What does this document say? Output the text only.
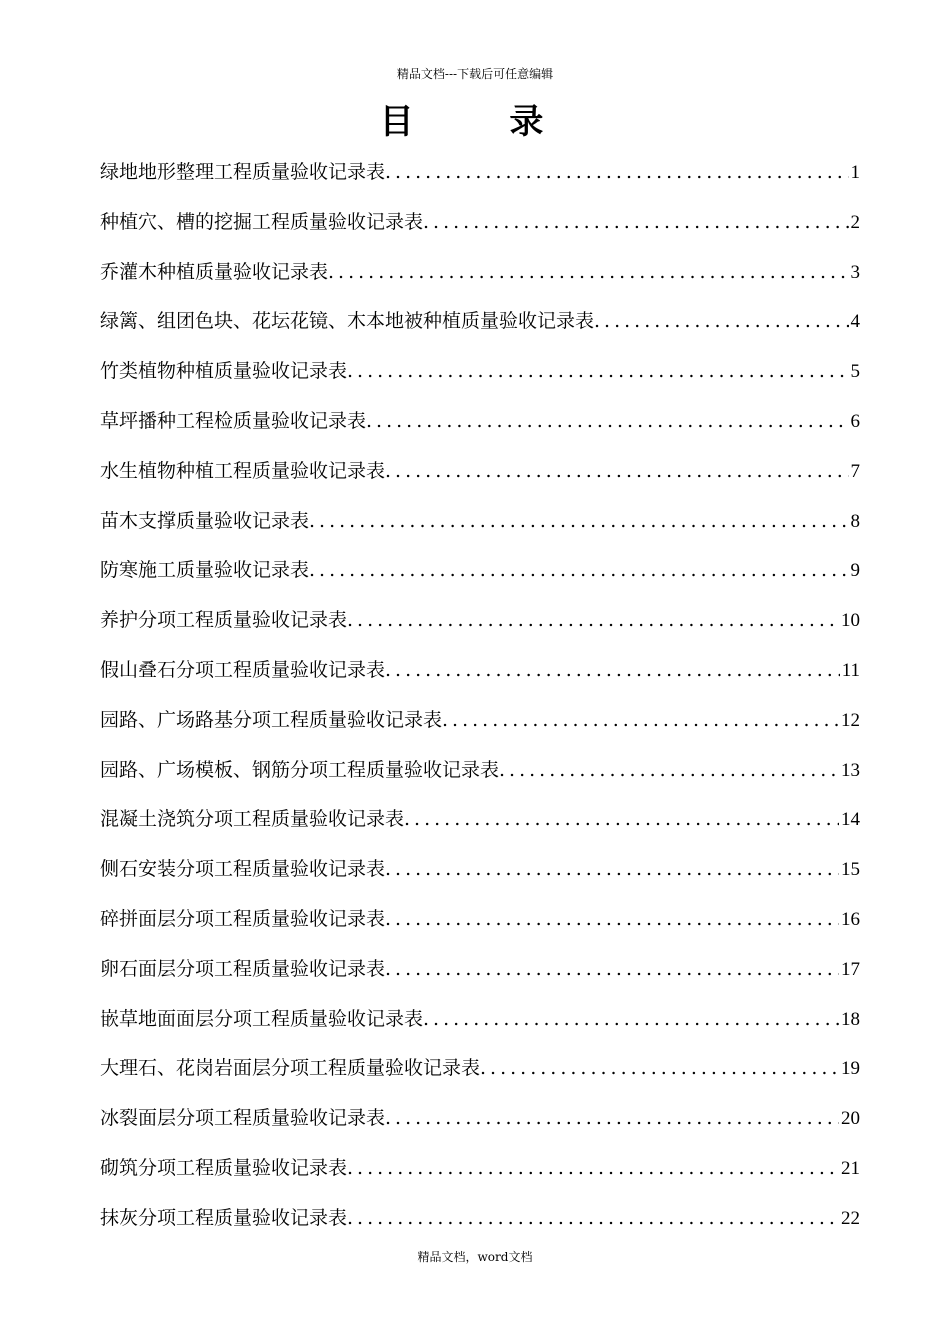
精品文档---下载后可任意编辑
目 录
绿地地形整理工程质量验收记录表 .....	1
种植穴、槽的挖掘工程质量验收记录表 .....	2
乔灌木种植质量验收记录表 .....	3
绿篱、组团色块、花坛花镜、木本地被种植质量验收记录表 .....	4
竹类植物种植质量验收记录表 .....	5
草坪播种工程检质量验收记录表 .....	6
水生植物种植工程质量验收记录表 .....	7
苗木支撑质量验收记录表 .....	8
防寒施工质量验收记录表 .....	9
养护分项工程质量验收记录表 .....	10
假山叠石分项工程质量验收记录表 .....	11
园路、广场路基分项工程质量验收记录表 .....	12
园路、广场模板、钢筋分项工程质量验收记录表 .....	13
混凝土浇筑分项工程质量验收记录表 .....	14
侧石安装分项工程质量验收记录表 .....	15
碎拼面层分项工程质量验收记录表 .....	16
卵石面层分项工程质量验收记录表 .....	17
嵌草地面面层分项工程质量验收记录表 .....	18
大理石、花岗岩面层分项工程质量验收记录表 .....	19
冰裂面层分项工程质量验收记录表 .....	20
砌筑分项工程质量验收记录表 .....	21
抹灰分项工程质量验收记录表 .....	22
精品文档，word文档
